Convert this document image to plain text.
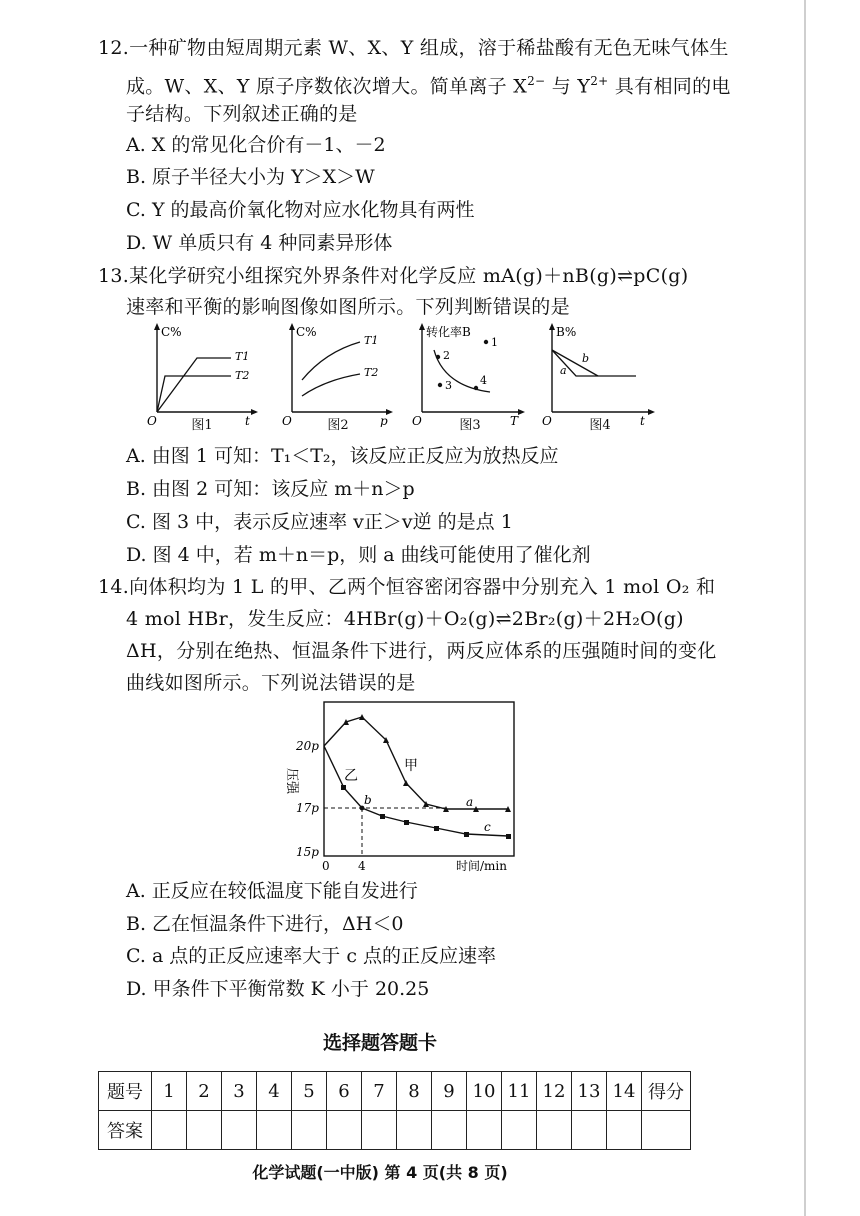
12.一种矿物由短周期元素 W、X、Y 组成，溶于稀盐酸有无色无味气体生
成。W、X、Y 原子序数依次增大。简单离子 $X^{2-}$ 与 $Y^{2+}$ 具有相同的电
子结构。下列叙述正确的是
A. X 的常见化合价有－1、－2
B. 原子半径大小为 Y＞X＞W
C. Y 的最高价氧化物对应水化物具有两性
D. W 单质只有 4 种同素异形体
13.某化学研究小组探究外界条件对化学反应 mA(g)＋nB(g)⇌pC(g)
速率和平衡的影响图像如图所示。下列判断错误的是
C%
O	t
T1
T2
图1
C%
O	p
T1
T2
图2
转化率B
O	T
1
2
3	4
图3
B%
O	t
a
b
图4
A. 由图 1 可知：T₁＜T₂，该反应正反应为放热反应
B. 由图 2 可知：该反应 m＋n＞p
C. 图 3 中，表示反应速率 v正＞v逆 的是点 1
D. 图 4 中，若 m＋n＝p，则 a 曲线可能使用了催化剂
14.向体积均为 1 L 的甲、乙两个恒容密闭容器中分别充入 1 mol O₂ 和
4 mol HBr，发生反应：4HBr(g)＋O₂(g)⇌2Br₂(g)＋2H₂O(g)
ΔH，分别在绝热、恒温条件下进行，两反应体系的压强随时间的变化
曲线如图所示。下列说法错误的是
20p
17p
15p
0 4	时间/min
压强
甲
乙
a
b
c
A. 正反应在较低温度下能自发进行
B. 乙在恒温条件下进行，ΔH＜0
C. a 点的正反应速率大于 c 点的正反应速率
D. 甲条件下平衡常数 K 小于 20.25
选择题答题卡
题号	1	2	3	4	5	6	7	8	9	10	11	12	13	14	得分
答案															
化学试题(一中版) 第 4 页(共 8 页)
